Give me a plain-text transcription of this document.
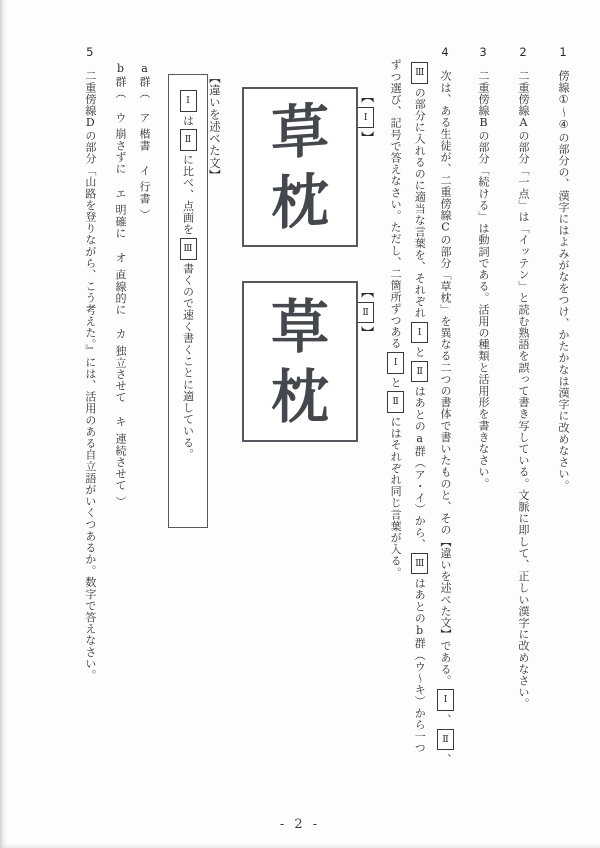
1傍線①～④の部分の、漢字にはよみがなをつけ、かたかなは漢字に改めなさい。
2二重傍線Aの部分「一点」は「イッテン」と読む熟語を誤って書き写している。文脈に即して、正しい漢字に改めなさい。
3二重傍線Bの部分「続ける」は動詞である。活用の種類と活用形を書きなさい。
4次は、ある生徒が、二重傍線Cの部分「草枕」を異なる二つの書体で書いたものと、その【違いを述べた文】である。Ⅰ、Ⅱ、
Ⅲの部分に入れるのに適当な言葉を、それぞれⅠとⅡはあとのa群（ア・イ）から、Ⅲはあとのb群（ウ～キ）から一つ
ずつ選び、記号で答えなさい。ただし、二箇所ずつあるⅠとⅡにはそれぞれ同じ言葉が入る。
【Ⅰ】
【Ⅱ】
草
枕
草
枕
【違いを述べた文】
ⅠはⅡに比べ、点画をⅢ書くので速く書くことに適している。
a群（ア楷書イ行書）
b群（ウ崩さずにエ明確にオ直線的にカ独立させてキ連続させて）
5二重傍線Dの部分「山路を登りながら、こう考えた。』には、活用のある自立語がいくつあるか。数字で答えなさい。
- 2 -
